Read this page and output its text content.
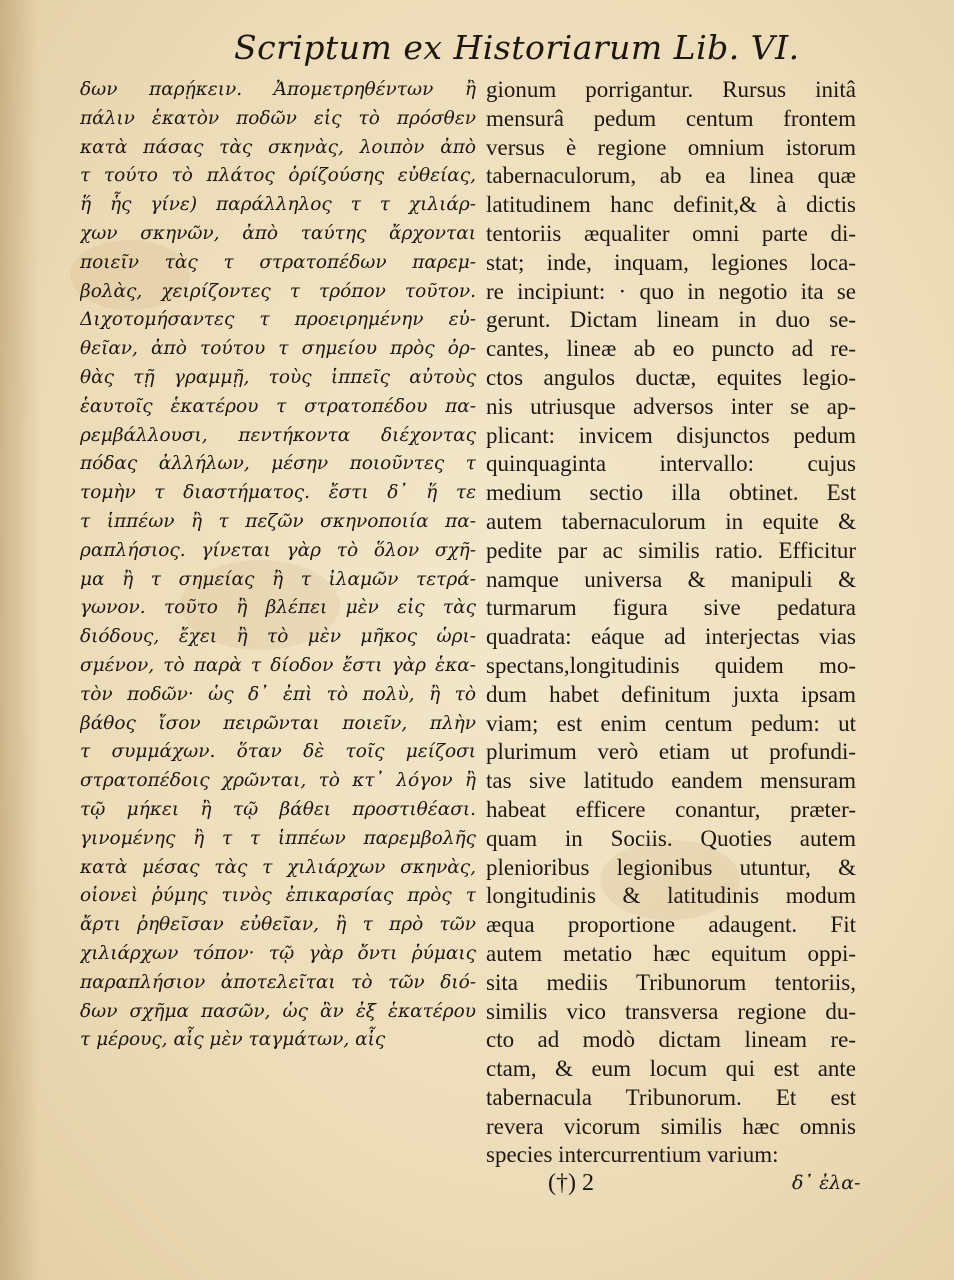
Scriptum ex Historiarum Lib. VI.
δων παρῄκειν. Ἀπομετρηθέντων ἢ
πάλιν ἑκατὸν ποδῶν εἰς τὸ πρόσθεν
κατὰ πάσας τὰς σκηνὰς, λοιπὸν ἀπὸ
τ τούτο τὸ πλάτος ὁρίζούσης εὐθείας,
ἥ ἧς γίνε) παράλληλος τ τ χιλιάρ-
χων σκηνῶν, ἀπὸ ταύτης ἄρχονται
ποιεῖν τὰς τ στρατοπέδων παρεμ-
βολὰς, χειρίζοντες τ τρόπον τοῦτον.
Διχοτομήσαντες τ προειρημένην εὐ-
θεῖαν, ἀπὸ τούτου τ σημείου πρὸς ὀρ-
θὰς τῇ γραμμῇ, τοὺς ἱππεῖς αὐτοὺς
ἑαυτοῖς ἑκατέρου τ στρατοπέδου πα-
ρεμβάλλουσι, πεντήκοντα διέχοντας
πόδας ἀλλήλων, μέσην ποιοῦντες τ
τομὴν τ διαστήματος. ἔστι δ᾽ ἥ τε
τ ἱππέων ἢ τ πεζῶν σκηνοποιία πα-
ραπλήσιος. γίνεται γὰρ τὸ ὅλον σχῆ-
μα ἢ τ σημείας ἢ τ ἰλαμῶν τετρά-
γωνον. τοῦτο ἢ βλέπει μὲν εἰς τὰς
διόδους, ἔχει ἢ τὸ μὲν μῆκος ὡρι-
σμένον, τὸ παρὰ τ δίοδον ἔστι γὰρ ἑκα-
τὸν ποδῶν· ὡς δ᾽ ἐπὶ τὸ πολὺ, ἢ τὸ
βάθος ἴσον πειρῶνται ποιεῖν, πλὴν
τ συμμάχων. ὅταν δὲ τοῖς μείζοσι
στρατοπέδοις χρῶνται, τὸ κτ᾽ λόγον ἢ
τῷ μήκει ἢ τῷ βάθει προστιθέασι.
γινομένης ἢ τ τ ἱππέων παρεμβολῆς
κατὰ μέσας τὰς τ χιλιάρχων σκηνὰς,
οἱονεὶ ῥύμης τινὸς ἐπικαρσίας πρὸς τ
ἄρτι ῥηθεῖσαν εὐθεῖαν, ἢ τ πρὸ τῶν
χιλιάρχων τόπον· τῷ γὰρ ὄντι ῥύμαις
παραπλήσιον ἀποτελεῖται τὸ τῶν διό-
δων σχῆμα πασῶν, ὡς ἂν ἐξ ἑκατέρου
τ μέρους, αἷς μὲν ταγμάτων, αἷς
gionum porrigantur. Rursus initâ
mensurâ pedum centum frontem
versus è regione omnium istorum
tabernaculorum, ab ea linea quæ
latitudinem hanc definit,& à dictis
tentoriis æqualiter omni parte di-
stat; inde, inquam, legiones loca-
re incipiunt: · quo in negotio ita se
gerunt. Dictam lineam in duo se-
cantes, lineæ ab eo puncto ad re-
ctos angulos ductæ, equites legio-
nis utriusque adversos inter se ap-
plicant: invicem disjunctos pedum
quinquaginta intervallo: cujus
medium sectio illa obtinet. Est
autem tabernaculorum in equite &
pedite par ac similis ratio. Efficitur
namque universa & manipuli &
turmarum figura sive pedatura
quadrata: eáque ad interjectas vias
spectans,longitudinis quidem mo-
dum habet definitum juxta ipsam
viam; est enim centum pedum: ut
plurimum verò etiam ut profundi-
tas sive latitudo eandem mensuram
habeat efficere conantur, præter-
quam in Sociis. Quoties autem
plenioribus legionibus utuntur, &
longitudinis & latitudinis modum
æqua proportione adaugent. Fit
autem metatio hæc equitum oppi-
sita mediis Tribunorum tentoriis,
similis vico transversa regione du-
cto ad modò dictam lineam re-
ctam, & eum locum qui est ante
tabernacula Tribunorum. Et est
revera vicorum similis hæc omnis
species intercurrentium varium:
(†) 2	δ᾽ ἐλα-
